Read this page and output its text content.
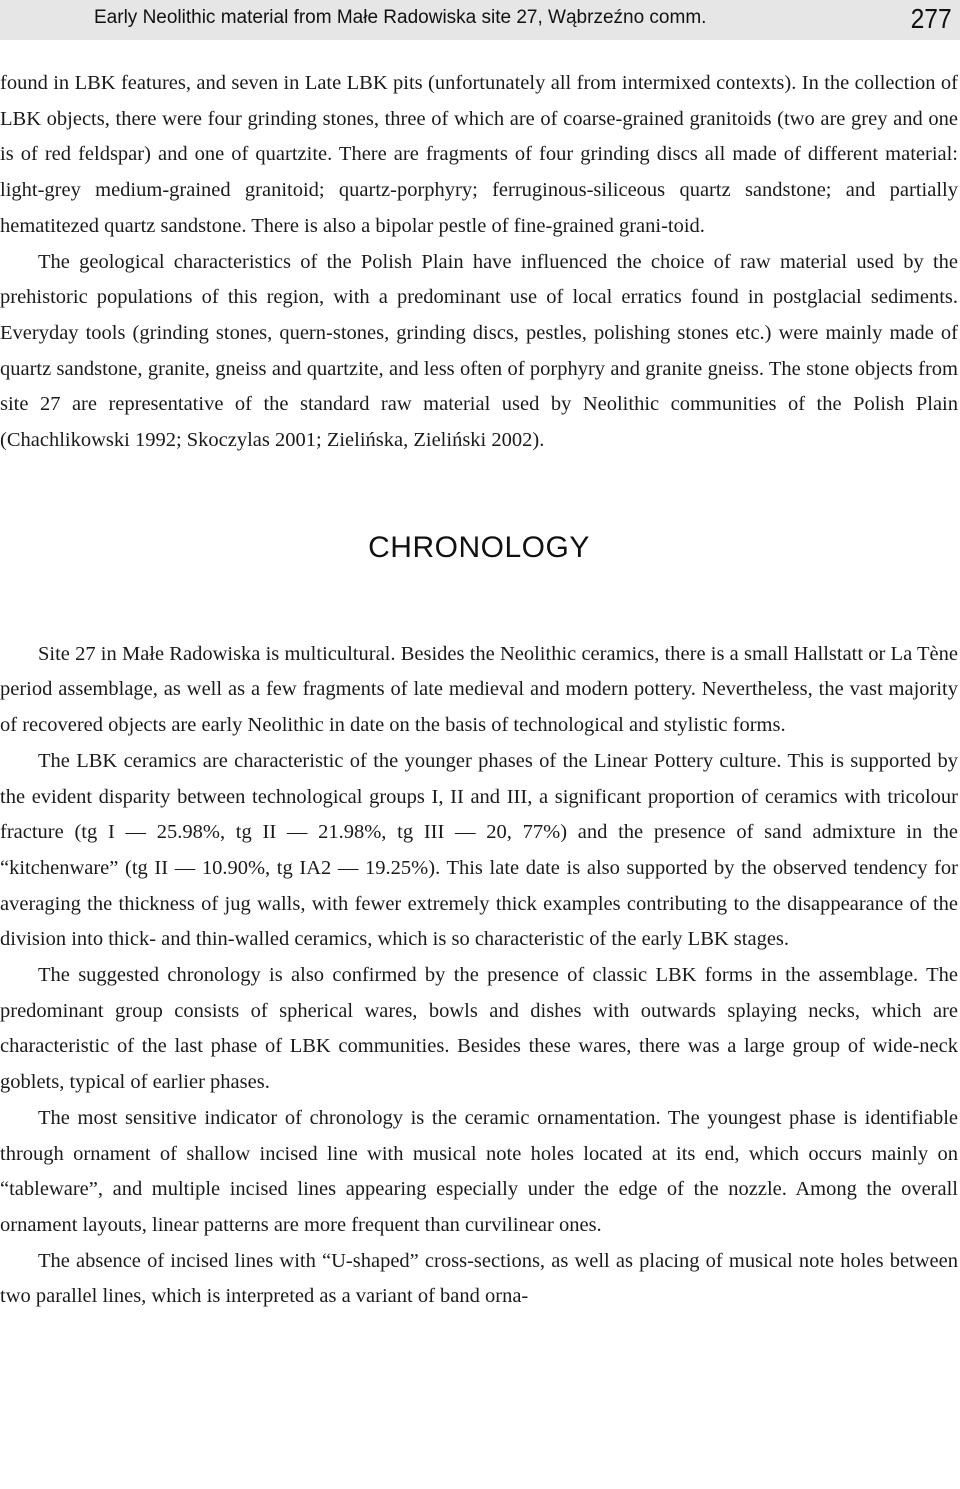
Early Neolithic material from Małe Radowiska site 27, Wąbrzeźno comm.	277

found in LBK features, and seven in Late LBK pits (unfortunately all from intermixed contexts). In the collection of LBK objects, there were four grinding stones, three of which are of coarse-grained granitoids (two are grey and one is of red feldspar) and one of quartzite. There are fragments of four grinding discs all made of different material: light-grey medium-grained granitoid; quartz-porphyry; ferruginous-siliceous quartz sandstone; and partially hematitezed quartz sandstone. There is also a bipolar pestle of fine-grained grani-toid.

The geological characteristics of the Polish Plain have influenced the choice of raw material used by the prehistoric populations of this region, with a predominant use of local erratics found in postglacial sediments. Everyday tools (grinding stones, quern-stones, grinding discs, pestles, polishing stones etc.) were mainly made of quartz sandstone, granite, gneiss and quartzite, and less often of porphyry and granite gneiss. The stone objects from site 27 are representative of the standard raw material used by Neolithic communities of the Polish Plain (Chachlikowski 1992; Skoczylas 2001; Zielińska, Zieliński 2002).

CHRONOLOGY

Site 27 in Małe Radowiska is multicultural. Besides the Neolithic ceramics, there is a small Hallstatt or La Tène period assemblage, as well as a few fragments of late medieval and modern pottery. Nevertheless, the vast majority of recovered objects are early Neolithic in date on the basis of technological and stylistic forms.

The LBK ceramics are characteristic of the younger phases of the Linear Pottery culture. This is supported by the evident disparity between technological groups I, II and III, a significant proportion of ceramics with tricolour fracture (tg I — 25.98%, tg II — 21.98%, tg III — 20, 77%) and the presence of sand admixture in the “kitchenware” (tg II — 10.90%, tg IA2 — 19.25%). This late date is also supported by the observed tendency for averaging the thickness of jug walls, with fewer extremely thick examples contributing to the disappearance of the division into thick- and thin-walled ceramics, which is so characteristic of the early LBK stages.

The suggested chronology is also confirmed by the presence of classic LBK forms in the assemblage. The predominant group consists of spherical wares, bowls and dishes with outwards splaying necks, which are characteristic of the last phase of LBK communities. Besides these wares, there was a large group of wide-neck goblets, typical of earlier phases.

The most sensitive indicator of chronology is the ceramic ornamentation. The youngest phase is identifiable through ornament of shallow incised line with musical note holes located at its end, which occurs mainly on “tableware”, and multiple incised lines appearing especially under the edge of the nozzle. Among the overall ornament layouts, linear patterns are more frequent than curvilinear ones.

The absence of incised lines with “U-shaped” cross-sections, as well as placing of musical note holes between two parallel lines, which is interpreted as a variant of band orna-
